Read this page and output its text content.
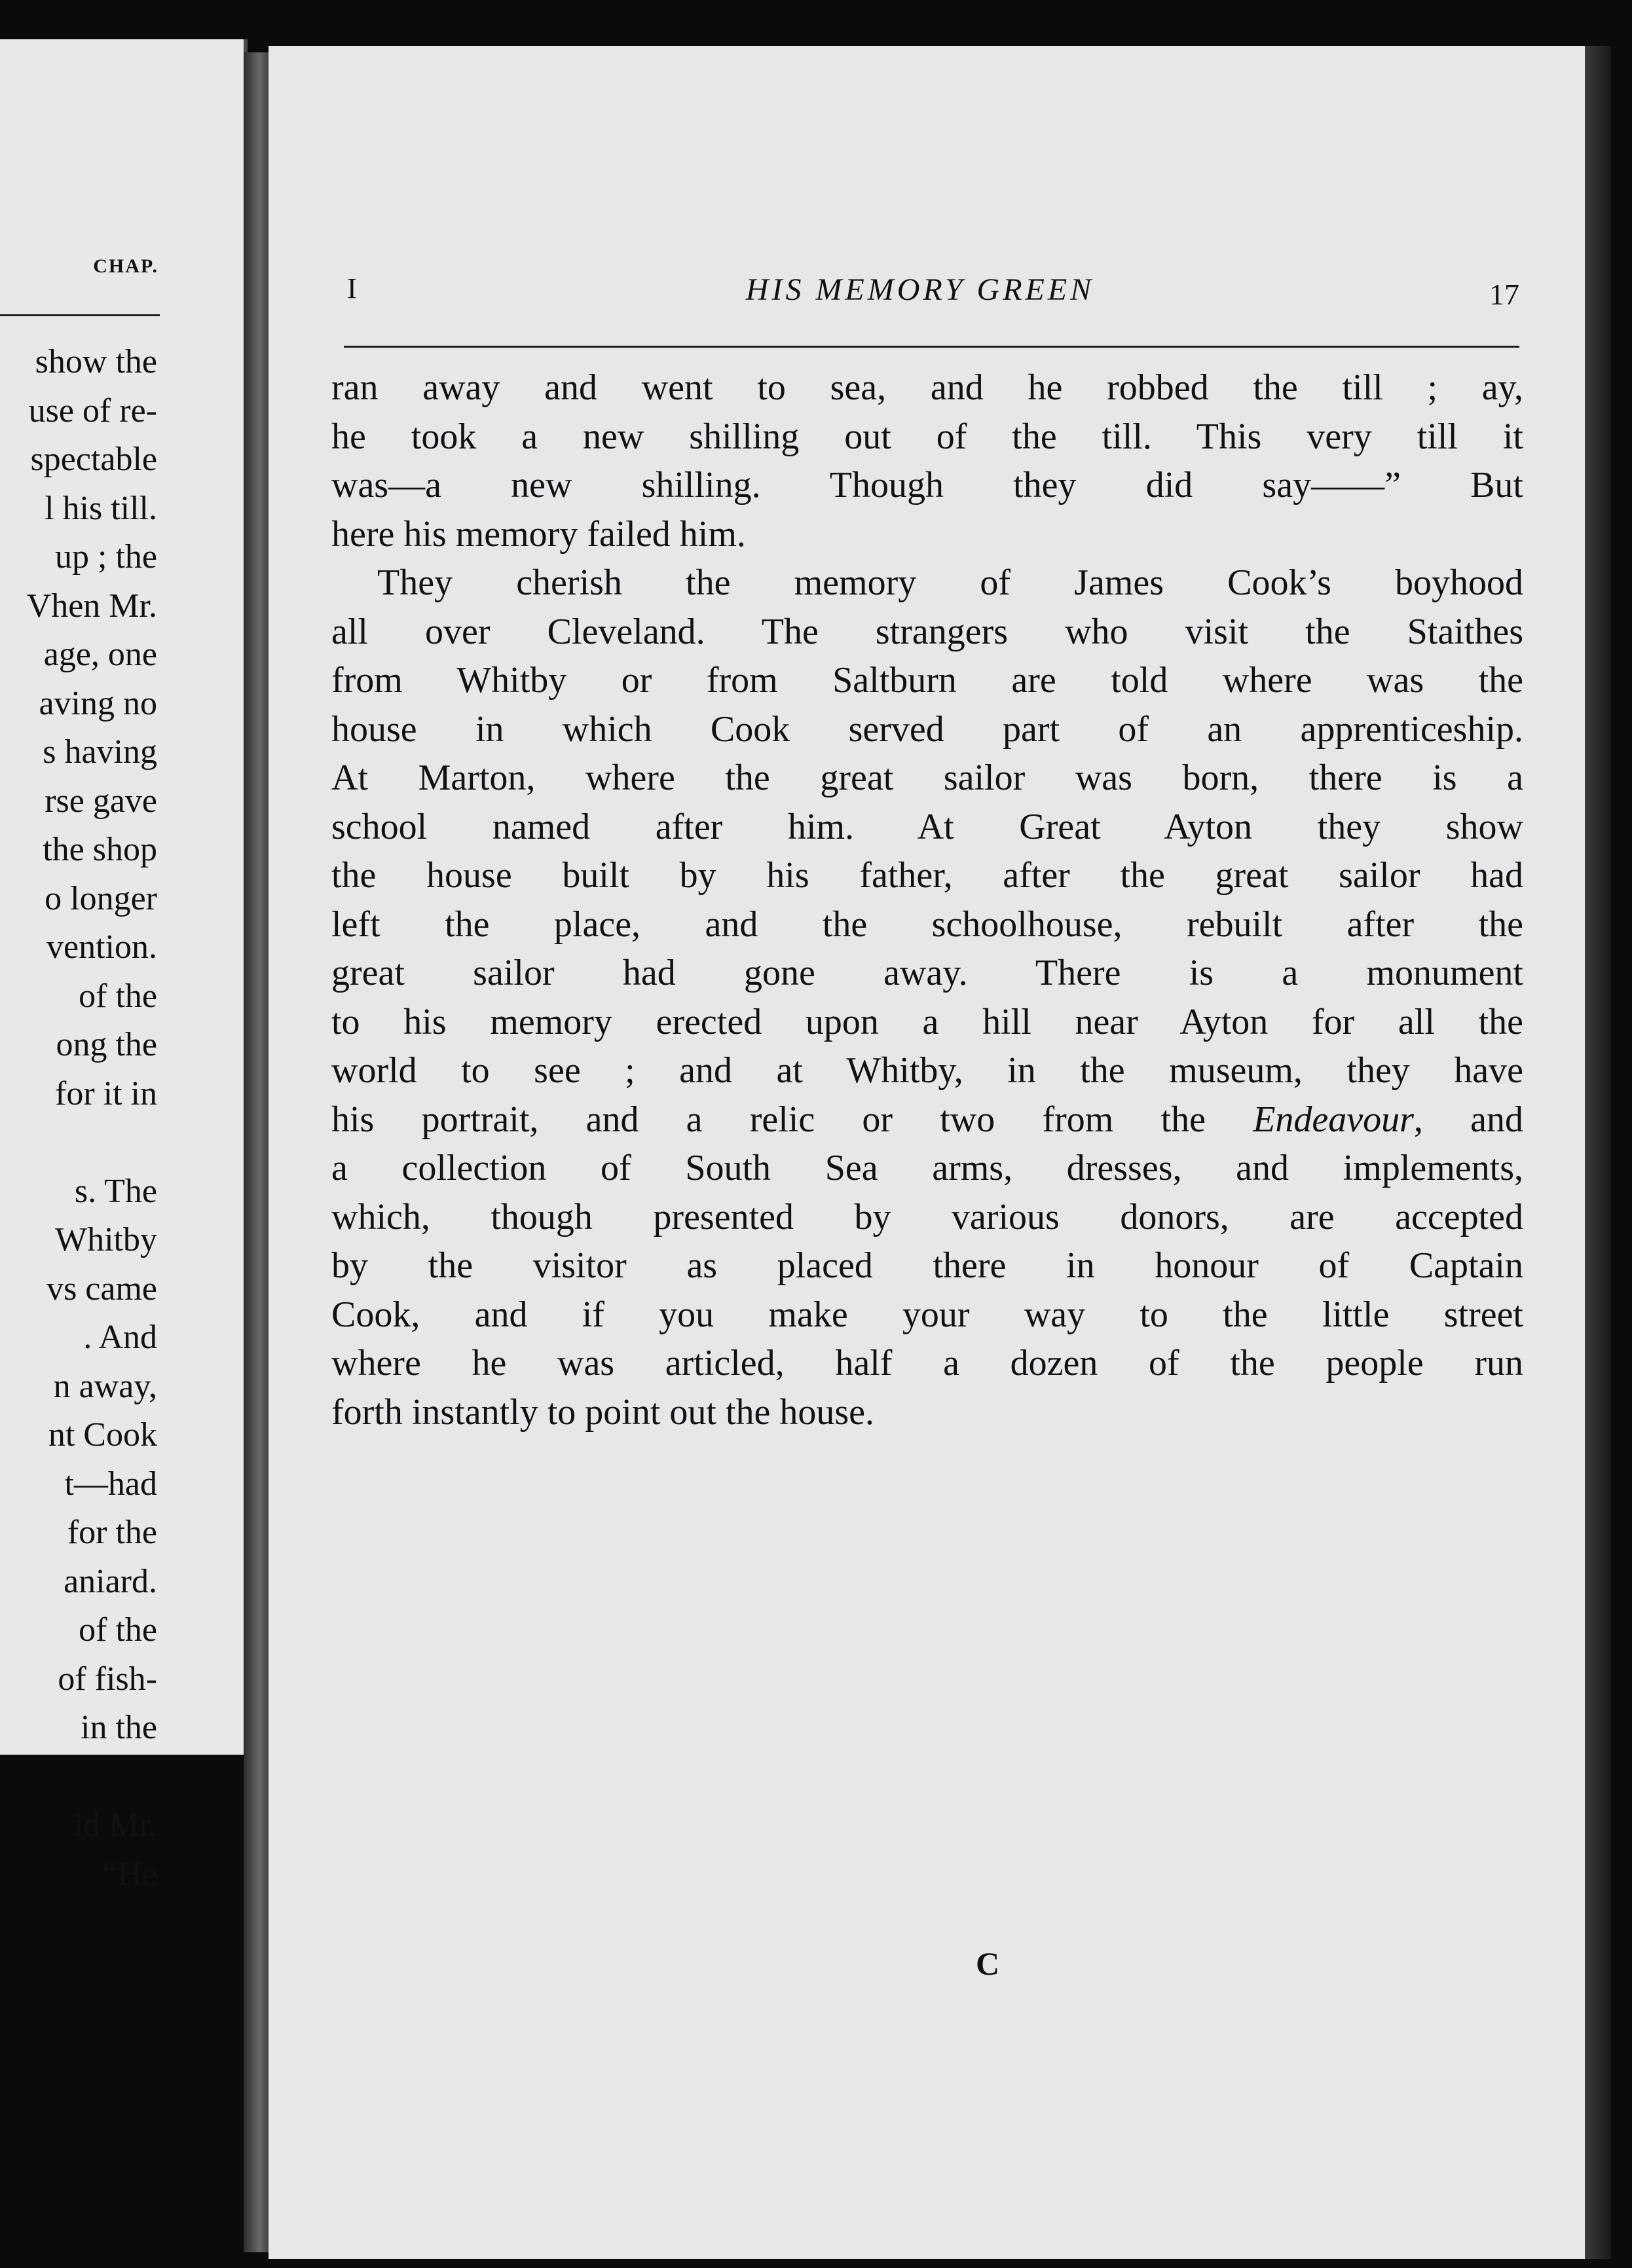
CHAP.
show the
use of re-
spectable
l his till.
up ; the
Vhen Mr.
age, one
aving no
s having
rse gave
the shop
o longer
vention.
of the
ong the
for it in
s. The
Whitby
vs came
. And
n away,
nt Cook
t—had
for the
aniard.
of the
of fish-
in the
id Mr.
“He
I	HIS MEMORY GREEN	17
ran away and went to sea, and he robbed the till ; ay,
he took a new shilling out of the till. This very till it
was—a new shilling. Though they did say——” But
here his memory failed him.
They cherish the memory of James Cook’s boyhood
all over Cleveland. The strangers who visit the Staithes
from Whitby or from Saltburn are told where was the
house in which Cook served part of an apprenticeship.
At Marton, where the great sailor was born, there is a
school named after him. At Great Ayton they show
the house built by his father, after the great sailor had
left the place, and the schoolhouse, rebuilt after the
great sailor had gone away. There is a monument
to his memory erected upon a hill near Ayton for all the
world to see ; and at Whitby, in the museum, they have
his portrait, and a relic or two from the Endeavour, and
a collection of South Sea arms, dresses, and implements,
which, though presented by various donors, are accepted
by the visitor as placed there in honour of Captain
Cook, and if you make your way to the little street
where he was articled, half a dozen of the people run
forth instantly to point out the house.
C
